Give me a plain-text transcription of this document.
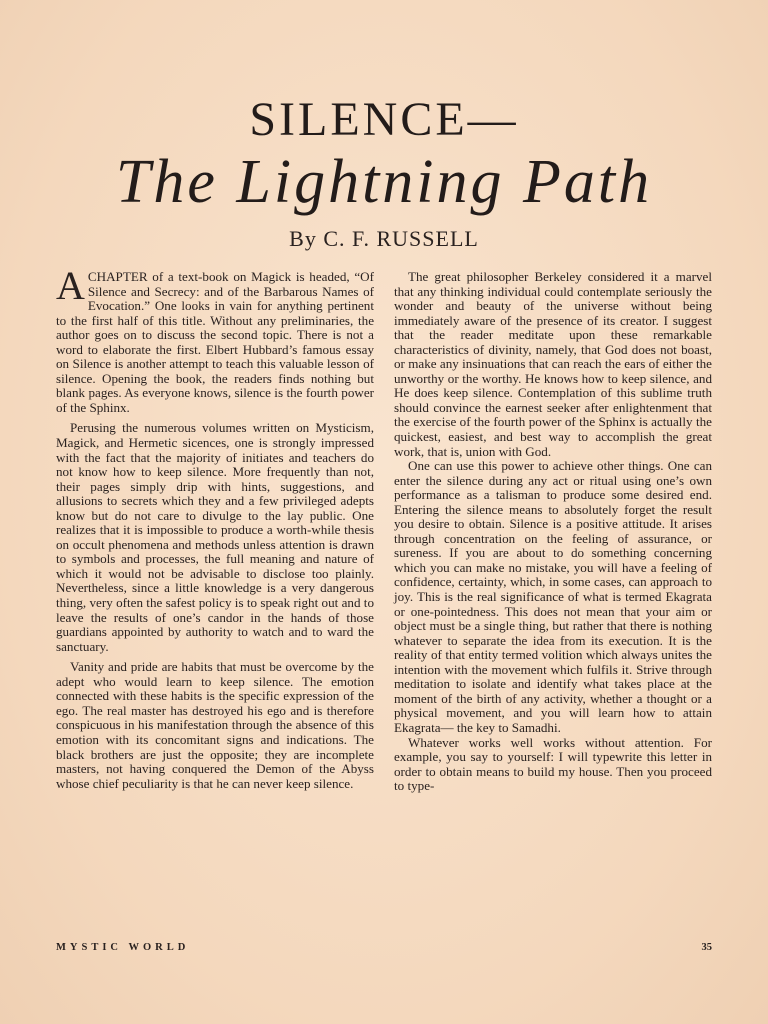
SILENCE—
The Lightning Path
By C. F. RUSSELL

A CHAPTER of a text-book on Magick is headed, “Of Silence and Secrecy: and of the Barbarous Names of Evocation.” One looks in vain for anything pertinent to the first half of this title. Without any preliminaries, the author goes on to discuss the second topic. There is not a word to elaborate the first. Elbert Hubbard’s famous essay on Silence is another attempt to teach this valuable lesson of silence. Opening the book, the readers finds nothing but blank pages. As everyone knows, silence is the fourth power of the Sphinx.

Perusing the numerous volumes written on Mysticism, Magick, and Hermetic sicences, one is strongly impressed with the fact that the majority of initiates and teachers do not know how to keep silence. More frequently than not, their pages simply drip with hints, suggestions, and allusions to secrets which they and a few privileged adepts know but do not care to divulge to the lay public. One realizes that it is impossible to produce a worth-while thesis on occult phenomena and methods unless attention is drawn to symbols and processes, the full meaning and nature of which it would not be advisable to disclose too plainly. Nevertheless, since a little knowledge is a very dangerous thing, very often the safest policy is to speak right out and to leave the results of one’s candor in the hands of those guardians appointed by authority to watch and to ward the sanctuary.

Vanity and pride are habits that must be overcome by the adept who would learn to keep silence. The emotion connected with these habits is the specific expression of the ego. The real master has destroyed his ego and is therefore conspicuous in his manifestation through the absence of this emotion with its concomitant signs and indications. The black brothers are just the opposite; they are incomplete masters, not having conquered the Demon of the Abyss whose chief peculiarity is that he can never keep silence.

The great philosopher Berkeley considered it a marvel that any thinking individual could contemplate seriously the wonder and beauty of the universe without being immediately aware of the presence of its creator. I suggest that the reader meditate upon these remarkable characteristics of divinity, namely, that God does not boast, or make any insinuations that can reach the ears of either the unworthy or the worthy. He knows how to keep silence, and He does keep silence. Contemplation of this sublime truth should convince the earnest seeker after enlightenment that the exercise of the fourth power of the Sphinx is actually the quickest, easiest, and best way to accomplish the great work, that is, union with God.

One can use this power to achieve other things. One can enter the silence during any act or ritual using one’s own performance as a talisman to produce some desired end. Entering the silence means to absolutely forget the result you desire to obtain. Silence is a positive attitude. It arises through concentration on the feeling of assurance, or sureness. If you are about to do something concerning which you can make no mistake, you will have a feeling of confidence, certainty, which, in some cases, can approach to joy. This is the real significance of what is termed Ekagrata or one-pointedness. This does not mean that your aim or object must be a single thing, but rather that there is nothing whatever to separate the idea from its execution. It is the reality of that entity termed volition which always unites the intention with the movement which fulfils it. Strive through meditation to isolate and identify what takes place at the moment of the birth of any activity, whether a thought or a physical movement, and you will learn how to attain Ekagrata— the key to Samadhi.

Whatever works well works without attention. For example, you say to yourself: I will typewrite this letter in order to obtain means to build my house. Then you proceed to type-

MYSTIC WORLD	35
